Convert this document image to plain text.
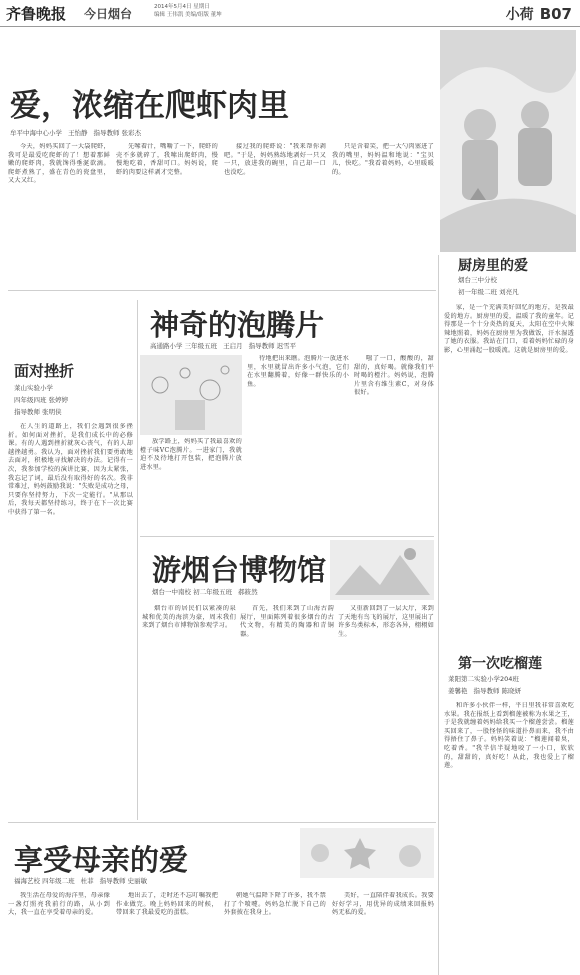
齐鲁晚报 今日烟台	2014年5月4日 星期日
编辑 王伟凯 美编/组版 董坤	小荷 B07
爱，浓缩在爬虾肉里
牟平中海中心小学 王怡静 指导教师 张彩杰

今天，妈妈买回了一大袋爬虾，我可是最爱吃爬虾的了！想着那鲜嫩的爬虾肉，我就馋得垂涎欲滴。爬虾煮熟了，盛在青色的瓷盘里，又大又红。

先嗦着汁，嘴嚼了一下，爬虾的壳不多就碎了，我嗦出爬虾肉，慢慢地吃着，香甜可口。妈妈说，爬虾的肉要这样剥才完整。

接过我的爬虾说："我来帮你剥吧。"于是，妈妈熟练地剥好一只又一只，放进我的碗里，自己却一口也没吃。

只是含着笑，把一大勺肉塞进了我的嘴里，妈妈温和地说："宝贝儿，快吃。"我看着妈妈，心里暖暖的。

神奇的泡腾片
高通路小学 三年级五班 王启月 指导教师 迟雪平

放学路上，妈妈买了我最喜欢的橙子味VC泡腾片。一进家门，我就迫不及待地打开包装，把泡腾片放进水里。

待地把出来瞧。泡腾片一放进水里，水里就冒出许多小气泡，它们在水里翻腾着，好像一群快乐的小鱼。

嗤了一口，酸酸的，甜甜的，真好喝。就像我们平时喝的橙汁。妈妈说，泡腾片里含有维生素C，对身体很好。

厨房里的爱
烟台三中分校
初一年级二班 刘亮凡

家，是一个充满美好回忆的地方，是我最爱的地方。厨房里的爱，温暖了我的童年。记得那是一个十分炎热的夏天，太阳在空中火辣辣地照着，妈妈在厨房里为我做饭，汗水湿透了她的衣服。我站在门口，看着妈妈忙碌的身影，心里涌起一股暖流。这就是厨房里的爱。

面对挫折
莱山实验小学
四年级四班 张婷婷
指导教师 张明侠

在人生的道路上，我们会遇到很多挫折。如何面对挫折，是我们成长中的必修课。有的人遇到挫折就灰心丧气，有的人却越挫越勇。我认为，面对挫折我们要勇敢地去面对，积极地寻找解决的办法。记得有一次，我参加学校的演讲比赛，因为太紧张，我忘记了词，最后没有取得好的名次。我非常难过，妈妈鼓励我说："失败是成功之母，只要你坚持努力，下次一定能行。"从那以后，我每天都坚持练习，终于在下一次比赛中获得了第一名。

游烟台博物馆
烟台一中南校 初二年级五班 郝筱然

烟台市的居民们以紧凑的泉城和优美的海滨为豪，周末我们来到了烟台市博物馆参观学习。

首先，我们来到了山海古韵展厅，里面陈列着很多烟台的古代文物，有精美的陶器和青铜器。

又重新回到了一层大厅，来到了天地有鸟飞的展厅，这里展出了许多鸟类标本，形态各异，栩栩如生。

第一次吃榴莲
莱阳第二实验小学204班
姜馨艳 指导教师 陈晓妍

和许多小伙伴一样，平日里我非常喜欢吃水果。我在报纸上看到榴莲被称为水果之王，于是我就缠着妈妈给我买一个榴莲尝尝。榴莲买回来了，一股怪怪的味道扑鼻而来，我不由得捂住了鼻子。妈妈笑着说："榴莲闻着臭，吃着香。"我半信半疑地咬了一小口，软软的，甜甜的，真好吃！从此，我也爱上了榴莲。

享受母亲的爱
福海艺校 四年级二班 杜菲 指导教师 史丽敏

我生活在母爱的海洋里，母亲像一盏灯照亮我前行的路，从小到大，我一直在享受着母亲的爱。

地出去了，走时还不忘叮嘱我把作业做完。晚上妈妈回来的时候，带回来了我最爱吃的蛋糕。

朝她气温降下降了许多，我不禁打了个喷嚏。妈妈急忙脱下自己的外套披在我身上。

美好，一直陪伴着我成长。我要好好学习，用优异的成绩来回报妈妈无私的爱。
